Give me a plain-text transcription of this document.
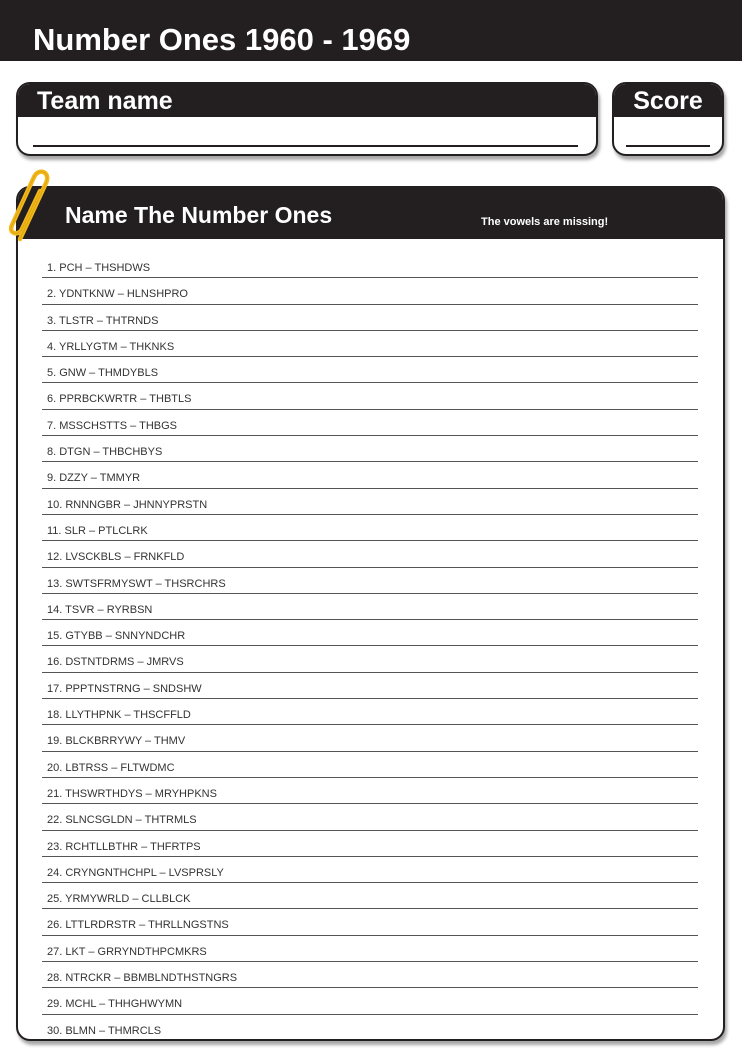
Number Ones 1960 - 1969
Team name	Score
Name The Number Ones	The vowels are missing!
1. PCH – THSHDWS
2. YDNTKNW – HLNSHPRO
3. TLSTR – THTRNDS
4. YRLLYGTM – THKNKS
5. GNW – THMDYBLS
6. PPRBCKWRTR – THBTLS
7. MSSCHSTTS – THBGS
8. DTGN – THBCHBYS
9. DZZY – TMMYR
10. RNNNGBR – JHNNYPRSTN
11. SLR – PTLCLRK
12. LVSCKBLS – FRNKFLD
13. SWTSFRMYSWT – THSRCHRS
14. TSVR – RYRBSN
15. GTYBB – SNNYNDCHR
16. DSTNTDRMS – JMRVS
17. PPPTNSTRNG – SNDSHW
18. LLYTHPNK – THSCFFLD
19. BLCKBRRYWY – THMV
20. LBTRSS – FLTWDMC
21. THSWRTHDYS – MRYHPKNS
22. SLNCSGLDN – THTRMLS
23. RCHTLLBTHR – THFRTPS
24. CRYNGNTHCHPL – LVSPRSLY
25. YRMYWRLD – CLLBLCK
26. LTTLRDRSTR – THRLLNGSTNS
27. LKT – GRRYNDTHPCMKRS
28. NTRCKR – BBMBLNDTHSTNGRS
29. MCHL – THHGHWYMN
30. BLMN – THMRCLS
